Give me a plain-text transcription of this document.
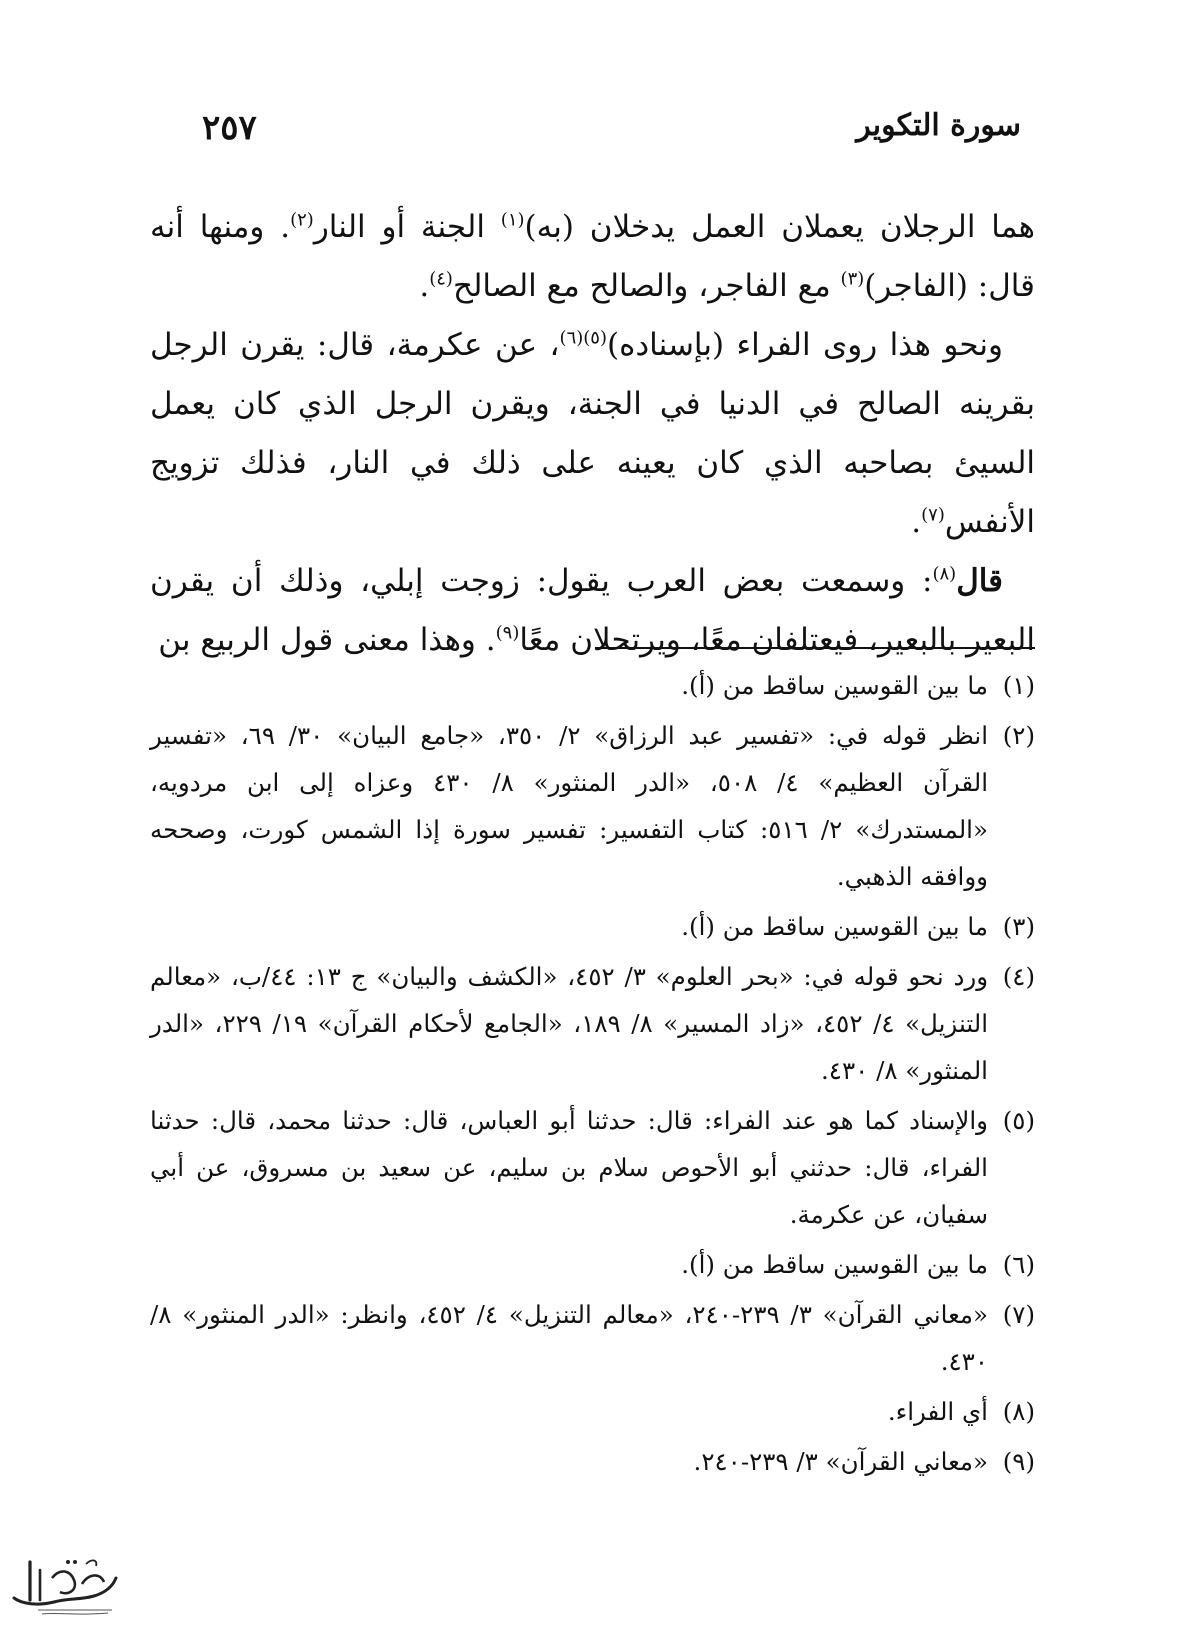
سورة التكوير
٢٥٧

هما الرجلان يعملان العمل يدخلان (به)$^{(١)}$ الجنة أو النار$^{(٢)}$. ومنها أنه قال: (الفاجر)$^{(٣)}$ مع الفاجر، والصالح مع الصالح$^{(٤)}$.

ونحو هذا روى الفراء (بإسناده)$^{(٥)(٦)}$، عن عكرمة، قال: يقرن الرجل بقرينه الصالح في الدنيا في الجنة، ويقرن الرجل الذي كان يعمل السيئ بصاحبه الذي كان يعينه على ذلك في النار، فذلك تزويج الأنفس$^{(٧)}$.

قال$^{(٨)}$: وسمعت بعض العرب يقول: زوجت إبلي، وذلك أن يقرن البعير بالبعير، فيعتلفان معًا، ويرتحلان معًا$^{(٩)}$. وهذا معنى قول الربيع بن

(١)
ما بين القوسين ساقط من (أ).
(٢)
انظر قوله في: «تفسير عبد الرزاق» ٢/ ٣٥٠، «جامع البيان» ٣٠/ ٦٩، «تفسير القرآن العظيم» ٤/ ٥٠٨، «الدر المنثور» ٨/ ٤٣٠ وعزاه إلى ابن مردويه، «المستدرك» ٢/ ٥١٦: كتاب التفسير: تفسير سورة إذا الشمس كورت، وصححه ووافقه الذهبي.
(٣)
ما بين القوسين ساقط من (أ).
(٤)
ورد نحو قوله في: «بحر العلوم» ٣/ ٤٥٢، «الكشف والبيان» ج ١٣: ٤٤/ب، «معالم التنزيل» ٤/ ٤٥٢، «زاد المسير» ٨/ ١٨٩، «الجامع لأحكام القرآن» ١٩/ ٢٢٩، «الدر المنثور» ٨/ ٤٣٠.
(٥)
والإسناد كما هو عند الفراء: قال: حدثنا أبو العباس، قال: حدثنا محمد، قال: حدثنا الفراء، قال: حدثني أبو الأحوص سلام بن سليم، عن سعيد بن مسروق، عن أبي سفيان، عن عكرمة.
(٦)
ما بين القوسين ساقط من (أ).
(٧)
«معاني القرآن» ٣/ ٢٣٩-٢٤٠، «معالم التنزيل» ٤/ ٤٥٢، وانظر: «الدر المنثور» ٨/ ٤٣٠.
(٨)
أي الفراء.
(٩)
«معاني القرآن» ٣/ ٢٣٩-٢٤٠.
